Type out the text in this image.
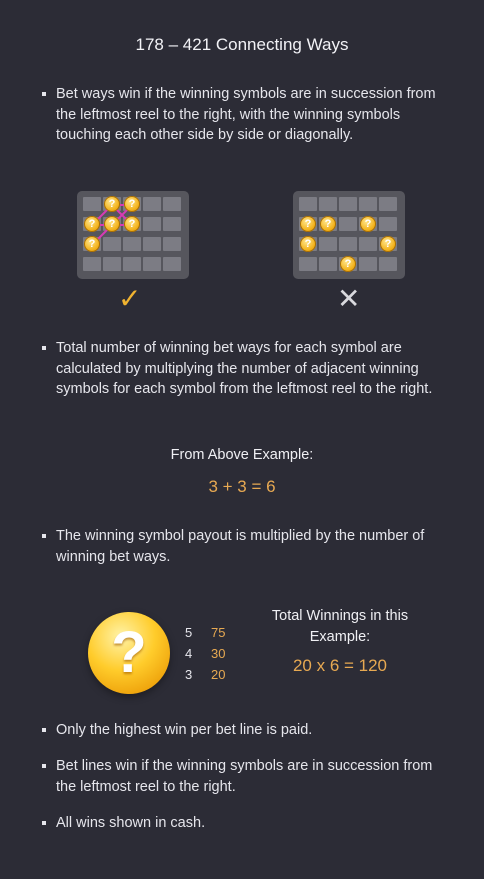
178 – 421 Connecting Ways
Bet ways win if the winning symbols are in succession from the leftmost reel to the right, with the winning symbols touching each other side by side or diagonally.
?
?
?
?
?
?
✓
?
?
?	?
?
?
✕
Total number of winning bet ways for each symbol are calculated by multiplying the number of adjacent winning symbols for each symbol from the leftmost reel to the right.
From Above Example:
3 + 3 = 6
The winning symbol payout is multiplied by the number of winning bet ways.
?	5 75
4 30
3 20
Total Winnings in this Example:
20 x 6 = 120
Only the highest win per bet line is paid.
Bet lines win if the winning symbols are in succession from the leftmost reel to the right.
All wins shown in cash.
